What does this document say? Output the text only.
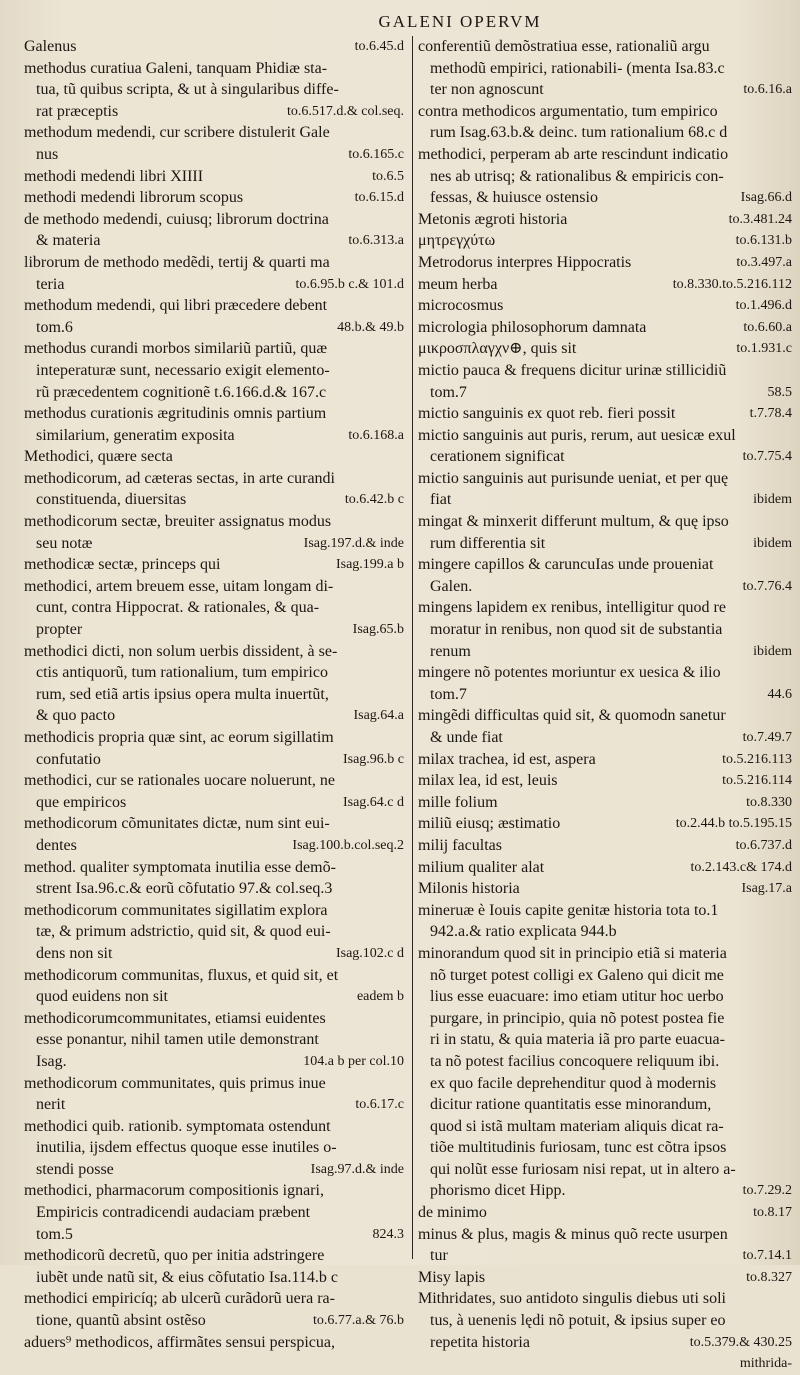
GALENI OPERVM
Galenus	to.6.45.d
methodus curatiua Galeni, tanquam Phidiæ sta-
tua, tũ quibus scripta, & ut à singularibus diffe-
rat præceptis	to.6.517.d.& col.seq.
methodum medendi, cur scribere distulerit Gale
nus	to.6.165.c
methodi medendi libri XIIII	to.6.5
methodi medendi librorum scopus	to.6.15.d
de methodo medendi, cuiusq; librorum doctrina
& materia	to.6.313.a
librorum de methodo medẽdi, tertij & quarti ma
teria	to.6.95.b c.& 101.d
methodum medendi, qui libri præcedere debent
tom.6	48.b.& 49.b
methodus curandi morbos similariũ partiũ, quæ
inteperaturæ sunt, necessario exigit elemento-
rũ præcedentem cognitionẽ t.6.166.d.& 167.c
methodus curationis ægritudinis omnis partium
similarium, generatim exposita	to.6.168.a
Methodici, quære secta
methodicorum, ad cæteras sectas, in arte curandi
constituenda, diuersitas	to.6.42.b c
methodicorum sectæ, breuiter assignatus modus
seu notæ	Isag.197.d.& inde
methodicæ sectæ, princeps qui	Isag.199.a b
methodici, artem breuem esse, uitam longam di-
cunt, contra Hippocrat. & rationales, & qua-
propter	Isag.65.b
methodici dicti, non solum uerbis dissident, à se-
ctis antiquorũ, tum rationalium, tum empirico
rum, sed etiã artis ipsius opera multa inuertũt,
& quo pacto	Isag.64.a
methodicis propria quæ sint, ac eorum sigillatim
confutatio	Isag.96.b c
methodici, cur se rationales uocare noluerunt, ne
que empiricos	Isag.64.c d
methodicorum cõmunitates dictæ, num sint eui-
dentes	Isag.100.b.col.seq.2
method. qualiter symptomata inutilia esse demõ-
strent Isa.96.c.& eorũ cõfutatio 97.& col.seq.3
methodicorum communitates sigillatim explora
tæ, & primum adstrictio, quid sit, & quod eui-
dens non sit	Isag.102.c d
methodicorum communitas, fluxus, et quid sit, et
quod euidens non sit	eadem b
methodicorumcommunitates, etiamsi euidentes
esse ponantur, nihil tamen utile demonstrant
Isag.	104.a b per col.10
methodicorum communitates, quis primus inue
nerit	to.6.17.c
methodici quib. rationib. symptomata ostendunt
inutilia, ijsdem effectus quoque esse inutiles o-
stendi posse	Isag.97.d.& inde
methodici, pharmacorum compositionis ignari,
Empiricis contradicendi audaciam præbent
tom.5	824.3
methodicorũ decretũ, quo per initia adstringere
iubẽt unde natũ sit, & eius cõfutatio Isa.114.b c
methodici empiricíq; ab ulcerũ curãdorũ uera ra-
tione, quantũ absint ostẽso	to.6.77.a.& 76.b
aduers⁹ methodicos, affirmãtes sensui perspicua,
conferentiũ demõstratiua esse, rationaliũ argu
methodũ empirici, rationabili- (menta Isa.83.c
ter non agnoscunt	to.6.16.a
contra methodicos argumentatio, tum empirico
rum Isag.63.b.& deinc. tum rationalium 68.c d
methodici, perperam ab arte rescindunt indicatio
nes ab utrisq; & rationalibus & empiricis con-
fessas, & huiusce ostensio	Isag.66.d
Metonis ægroti historia	to.3.481.24
μητρεγχύτω	to.6.131.b
Metrodorus interpres Hippocratis	to.3.497.a
meum herba	to.8.330.to.5.216.112
microcosmus	to.1.496.d
micrologia philosophorum damnata	to.6.60.a
μικροσπλαγχν⊕, quis sit	to.1.931.c
mictio pauca & frequens dicitur urinæ stillicidiũ
tom.7	58.5
mictio sanguinis ex quot reb. fieri possit	t.7.78.4
mictio sanguinis aut puris, rerum, aut uesicæ exul
cerationem significat	to.7.75.4
mictio sanguinis aut purisunde ueniat, et per quę
fiat	ibidem
mingat & minxerit differunt multum, & quę ipso
rum differentia sit	ibidem
mingere capillos & caruncuIas unde proueniat
Galen.	to.7.76.4
mingens lapidem ex renibus, intelligitur quod re
moratur in renibus, non quod sit de substantia
renum	ibidem
mingere nõ potentes moriuntur ex uesica & ilio
tom.7	44.6
mingẽdi difficultas quid sit, & quomodn sanetur
& unde fiat	to.7.49.7
milax trachea, id est, aspera	to.5.216.113
milax lea, id est, leuis	to.5.216.114
mille folium	to.8.330
miliũ eiusq; æstimatio	to.2.44.b to.5.195.15
milij facultas	to.6.737.d
milium qualiter alat	to.2.143.c& 174.d
Milonis historia	Isag.17.a
mineruæ è Iouis capite genitæ historia tota to.1
942.a.& ratio explicata 944.b
minorandum quod sit in principio etiã si materia
nõ turget potest colligi ex Galeno qui dicit me
lius esse euacuare: imo etiam utitur hoc uerbo
purgare, in principio, quia nõ potest postea fie
ri in statu, & quia materia iã pro parte euacua-
ta nõ potest facilius concoquere reliquum ibi.
ex quo facile deprehenditur quod à modernis
dicitur ratione quantitatis esse minorandum,
quod si istã multam materiam aliquis dicat ra-
tiõe multitudinis furiosam, tunc est cõtra ipsos
qui nolũt esse furiosam nisi repat, ut in altero a-
phorismo dicet Hipp.	to.7.29.2
de minimo	to.8.17
minus & plus, magis & minus quõ recte usurpen
tur	to.7.14.1
Misy lapis	to.8.327
Mithridates, suo antidoto singulis diebus uti soli
tus, à uenenis lędi nõ potuit, & ipsius super eo
repetita historia	to.5.379.& 430.25
mithrida-
